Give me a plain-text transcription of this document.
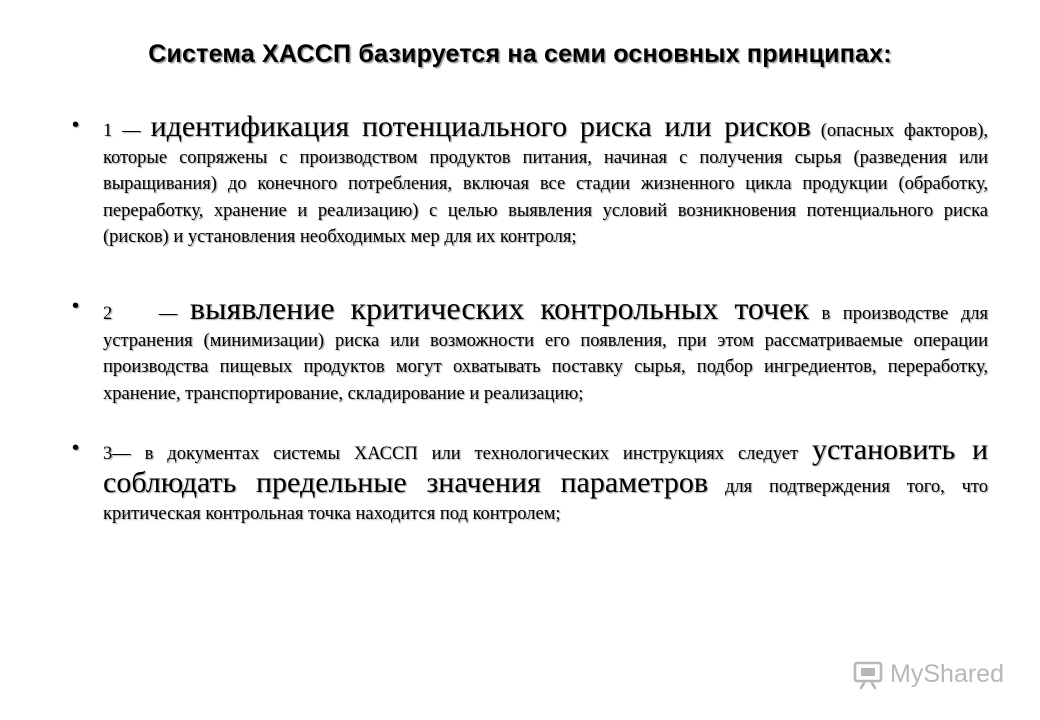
Система ХАССП базируется на семи основных принципах:
• 1 — идентификация потенциального риска или рисков (опасных факторов), которые сопряжены с производством продуктов питания, начиная с получения сырья (разведения или выращивания) до конечного потребления, включая все стадии жизненного цикла продукции (обработку, переработку, хранение и реализацию) с целью выявления условий возникновения потенциального риска (рисков) и установления необходимых мер для их контроля;
• 2 — выявление критических контрольных точек в производстве для устранения (минимизации) риска или возможности его появления, при этом рассматриваемые операции производства пищевых продуктов могут охватывать поставку сырья, подбор ингредиентов, переработку, хранение, транспортирование, складирование и реализацию;
• 3— в документах системы ХАССП или технологических инструкциях следует установить и соблюдать предельные значения параметров для подтверждения того, что критическая контрольная точка находится под контролем;
MyShared
